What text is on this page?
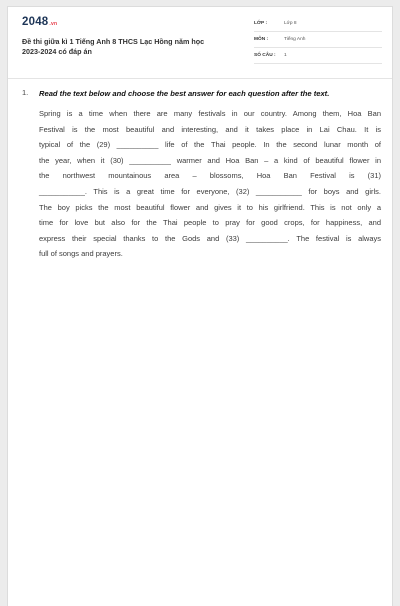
2048.vn
Đề thi giữa kì 1 Tiếng Anh 8 THCS Lạc Hồng năm học
2023-2024 có đáp án
LỚP :	Lớp 8
MÔN :	Tiếng Anh
SỐ CÂU : 1
1. Read the text below and choose the best answer for each question after the text.
Spring is a time when there are many festivals in our country. Among them, Hoa Ban
Festival is the most beautiful and interesting, and it takes place in Lai Chau. It is
typical of the (29) __________ life of the Thai people. In the second lunar month of
the year, when it (30) __________ warmer and Hoa Ban – a kind of beautiful flower in
the northwest mountainous area – blossoms, Hoa Ban Festival is (31)
___________. This is a great time for everyone, (32) ___________ for boys and girls.
The boy picks the most beautiful flower and gives it to his girlfriend. This is not only a
time for love but also for the Thai people to pray for good crops, for happiness, and
express their special thanks to the Gods and (33) __________. The festival is always
full of songs and prayers.
